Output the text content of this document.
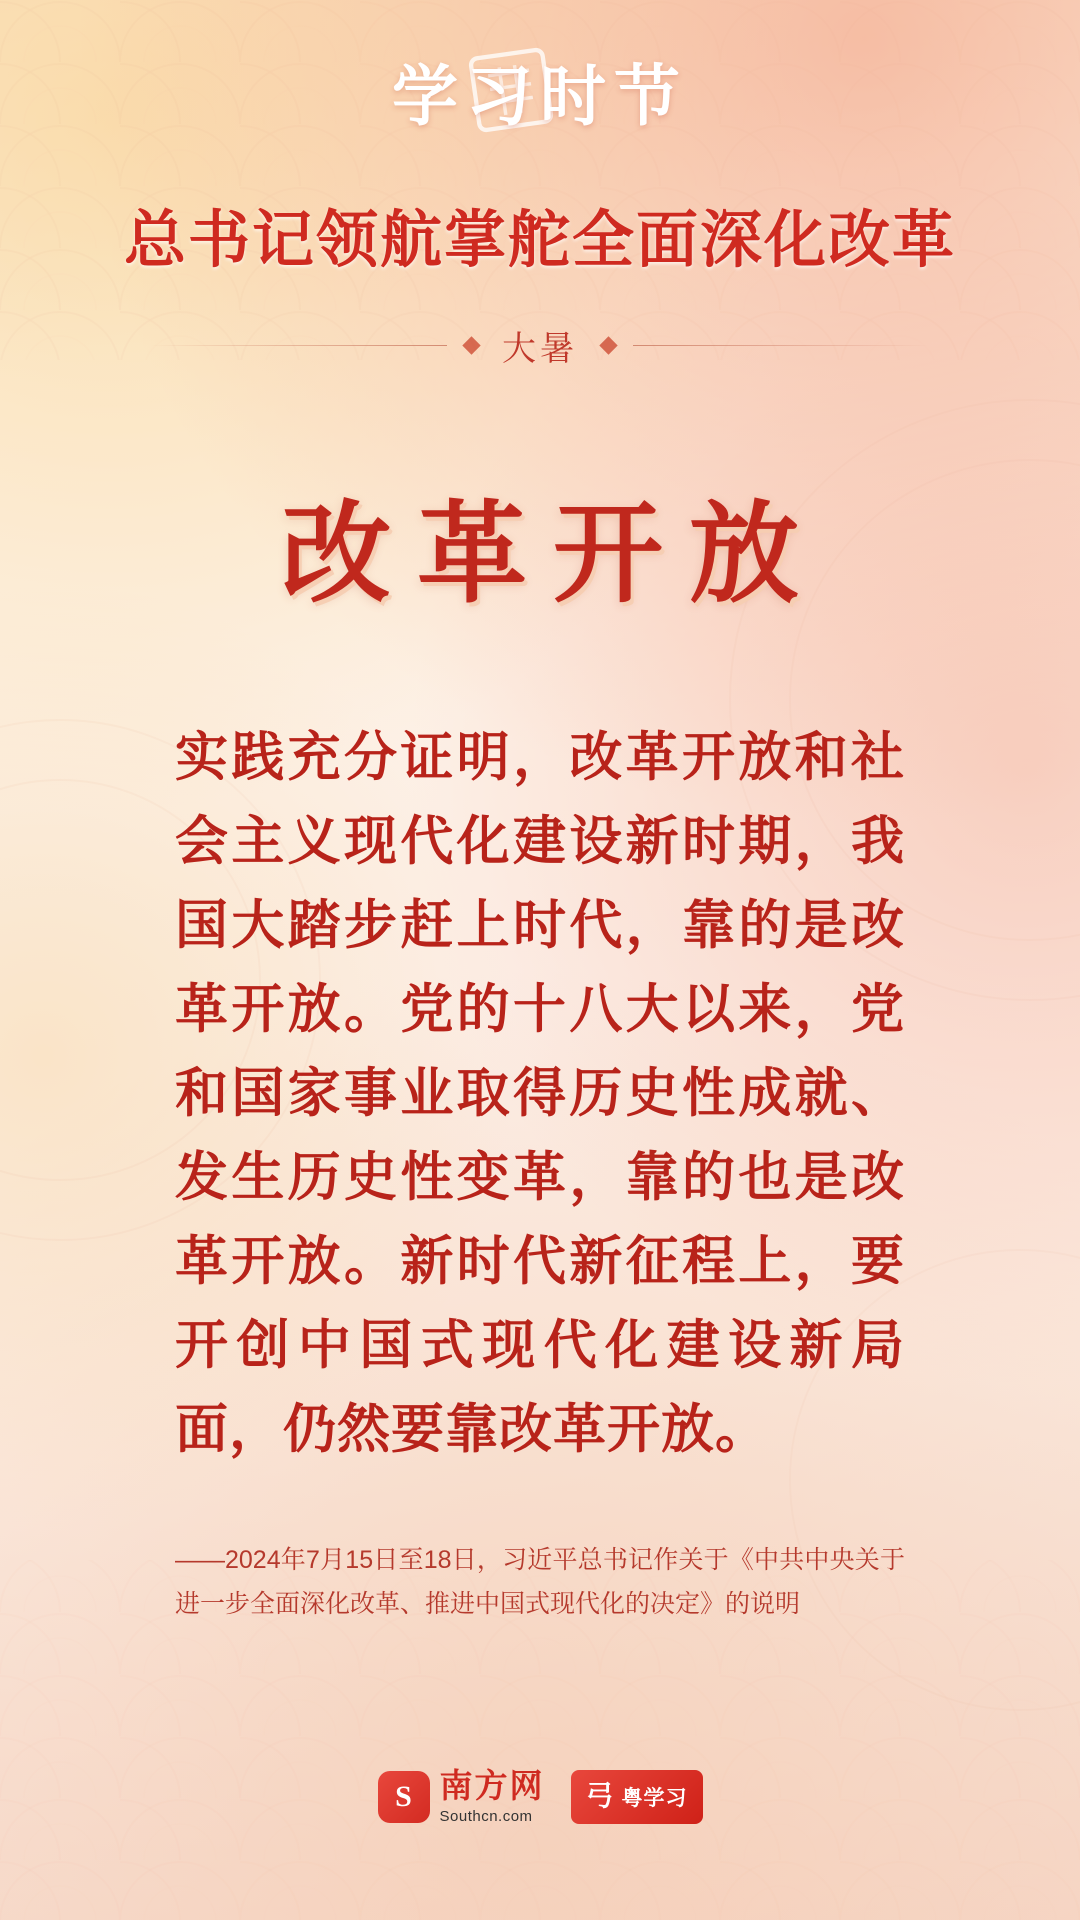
学习时节
总书记领航掌舵全面深化改革
大暑
改革开放
实践充分证明，改革开放和社会主义现代化建设新时期，我国大踏步赶上时代，靠的是改革开放。党的十八大以来，党和国家事业取得历史性成就、发生历史性变革，靠的也是改革开放。新时代新征程上，要开创中国式现代化建设新局面，仍然要靠改革开放。
——2024年7月15日至18日，习近平总书记作关于《中共中央关于进一步全面深化改革、推进中国式现代化的决定》的说明
S 南方网
Southcn.com
弓 粤学习
